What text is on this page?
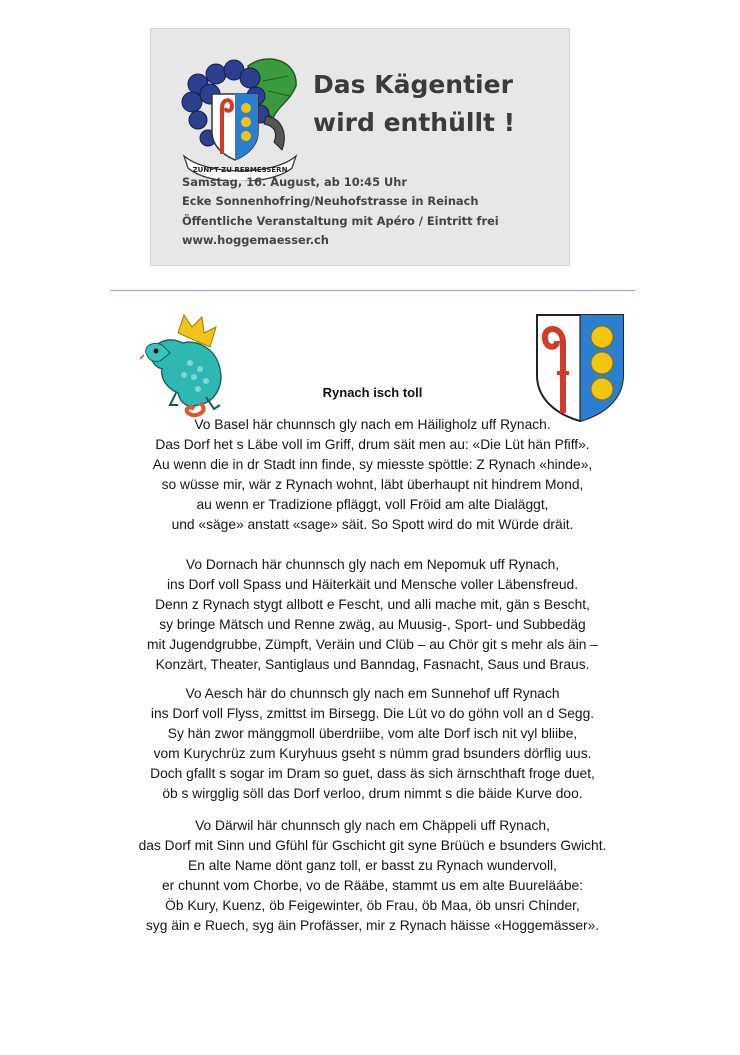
ZUNFT ZU REBMESSERN
Das Kägentier
wird enthüllt !
Samstag, 16. August, ab 10:45 Uhr
Ecke Sonnenhofring/Neuhofstrasse in Reinach
Öffentliche Veranstaltung mit Apéro / Eintritt frei
www.hoggemaesser.ch
Rynach isch toll
Vo Basel här chunnsch gly nach em Häiligholz uff Rynach.
Das Dorf het s Läbe voll im Griff, drum säit men au: «Die Lüt hän Pfiff».
Au wenn die in dr Stadt inn finde, sy miesste spöttle: Z Rynach «hinde»,
so wüsse mir, wär z Rynach wohnt, läbt überhaupt nit hindrem Mond,
au wenn er Tradizione pfläggt, voll Fröid am alte Dialäggt,
und «säge» anstatt «sage» säit. So Spott wird do mit Würde dräit.
Vo Dornach här chunnsch gly nach em Nepomuk uff Rynach,
ins Dorf voll Spass und Häiterkäit und Mensche voller Läbensfreud.
Denn z Rynach stygt allbott e Fescht, und alli mache mit, gän s Bescht,
sy bringe Mätsch und Renne zwäg, au Muusig-, Sport- und Subbedäg
mit Jugendgrubbe, Zümpft, Veräin und Clüb – au Chör git s mehr als äin –
Konzärt, Theater, Santiglaus und Banndag, Fasnacht, Saus und Braus.
Vo Aesch här do chunnsch gly nach em Sunnehof uff Rynach
ins Dorf voll Flyss, zmittst im Birsegg. Die Lüt vo do göhn voll an d Segg.
Sy hän zwor mänggmoll überdriibe, vom alte Dorf isch nit vyl bliibe,
vom Kurychrüz zum Kuryhuus gseht s nümm grad bsunders dörflig uus.
Doch gfallt s sogar im Dram so guet, dass äs sich ärnschthaft froge duet,
öb s wirgglig söll das Dorf verloo, drum nimmt s die bäide Kurve doo.
Vo Därwil här chunnsch gly nach em Chäppeli uff Rynach,
das Dorf mit Sinn und Gfühl für Gschicht git syne Brüüch e bsunders Gwicht.
En alte Name dönt ganz toll, er basst zu Rynach wundervoll,
er chunnt vom Chorbe, vo de Rääbe, stammt us em alte Buureläábe:
Öb Kury, Kuenz, öb Feigewinter, öb Frau, öb Maa, öb unsri Chinder,
syg äin e Ruech, syg äin Profässer, mir z Rynach häisse «Hoggemässer».
